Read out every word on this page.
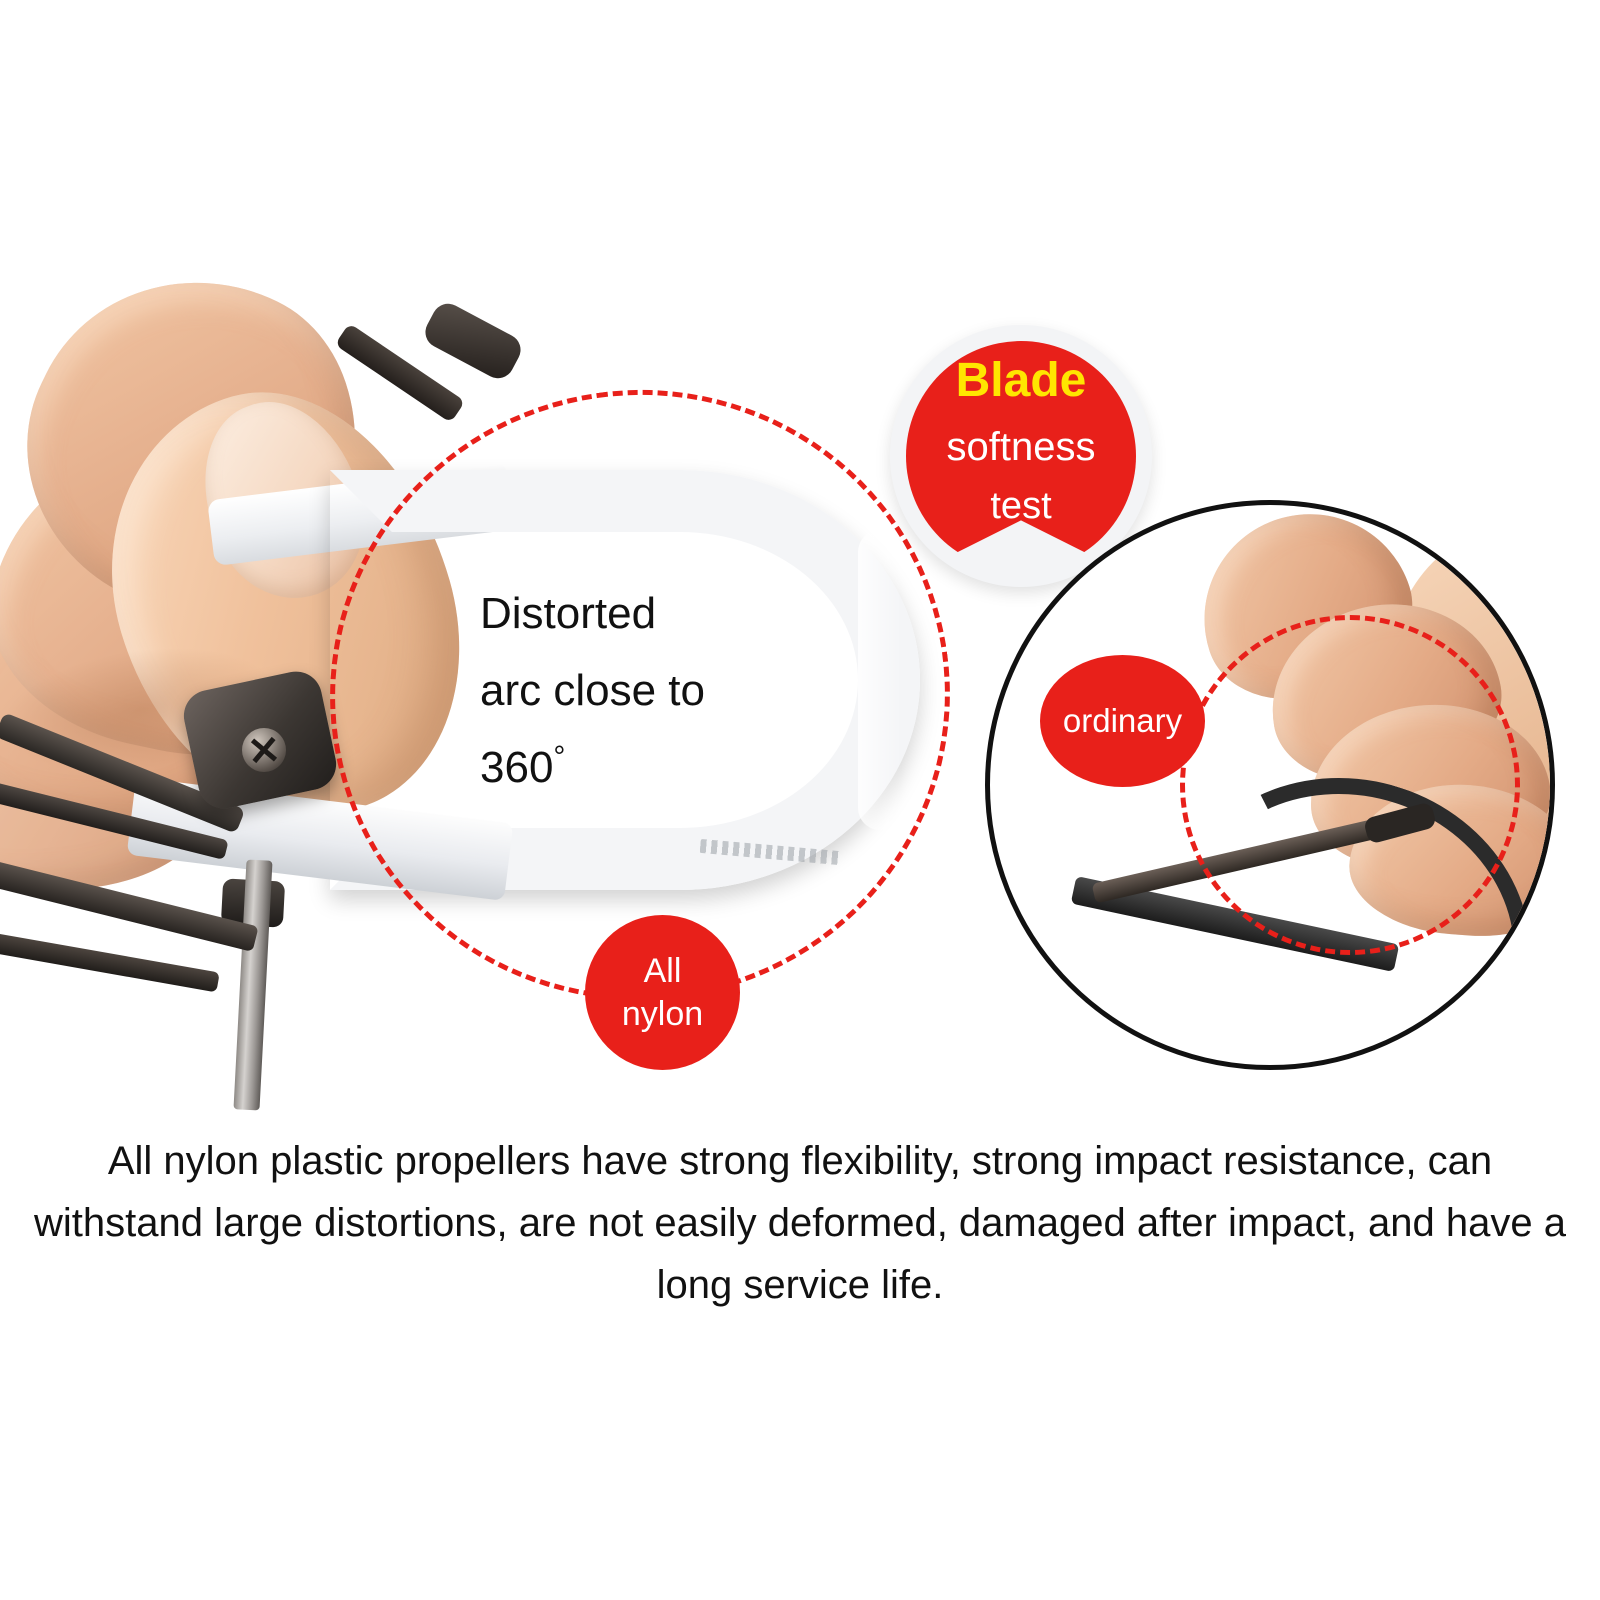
Distorted
arc close to
360°
All
nylon
Blade
softness
test
ordinary
All nylon plastic propellers have strong flexibility, strong impact resistance, can withstand large distortions, are not easily deformed, damaged after impact, and have a long service life.
